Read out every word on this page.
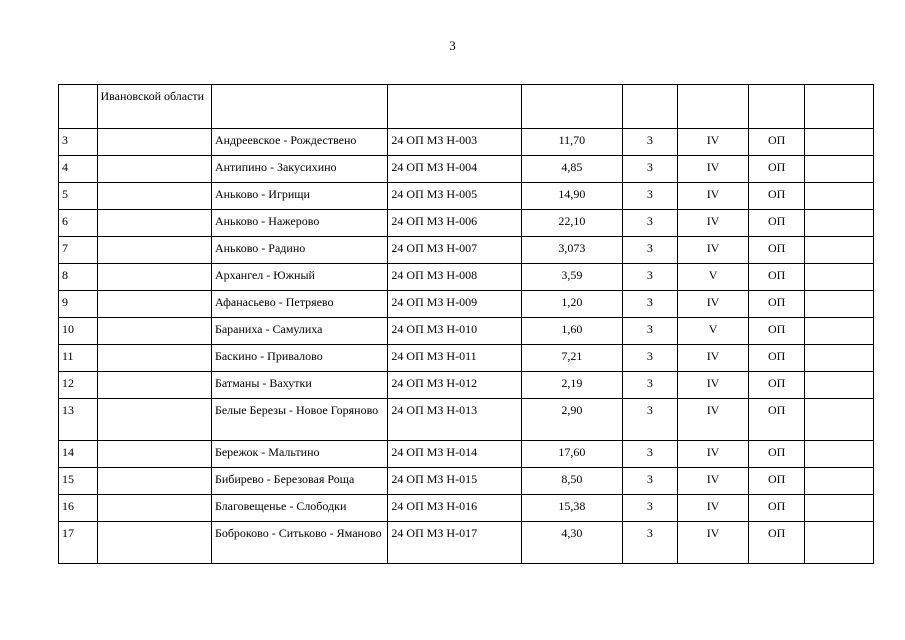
3
	Ивановской области							
3		Андреевское - Рождествено	24 ОП МЗ Н-003	11,70	3	IV	ОП	
4		Антипино - Закусихино	24 ОП МЗ Н-004	4,85	3	IV	ОП	
5		Аньково - Игрищи	24 ОП МЗ Н-005	14,90	3	IV	ОП	
6		Аньково - Нажерово	24 ОП МЗ Н-006	22,10	3	IV	ОП	
7		Аньково - Радино	24 ОП МЗ Н-007	3,073	3	IV	ОП	
8		Архангел - Южный	24 ОП МЗ Н-008	3,59	3	V	ОП	
9		Афанасьево - Петряево	24 ОП МЗ Н-009	1,20	3	IV	ОП	
10		Бараниха - Самулиха	24 ОП МЗ Н-010	1,60	3	V	ОП	
11		Баскино - Привалово	24 ОП МЗ Н-011	7,21	3	IV	ОП	
12		Батманы - Вахутки	24 ОП МЗ Н-012	2,19	3	IV	ОП	
13		Белые Березы - Новое Горяново	24 ОП МЗ Н-013	2,90	3	IV	ОП	
14		Бережок - Мальтино	24 ОП МЗ Н-014	17,60	3	IV	ОП	
15		Бибирево - Березовая Роща	24 ОП МЗ Н-015	8,50	3	IV	ОП	
16		Благовещенье - Слободки	24 ОП МЗ Н-016	15,38	3	IV	ОП	
17		Боброково - Ситьково - Ямановo	24 ОП МЗ Н-017	4,30	3	IV	ОП	
